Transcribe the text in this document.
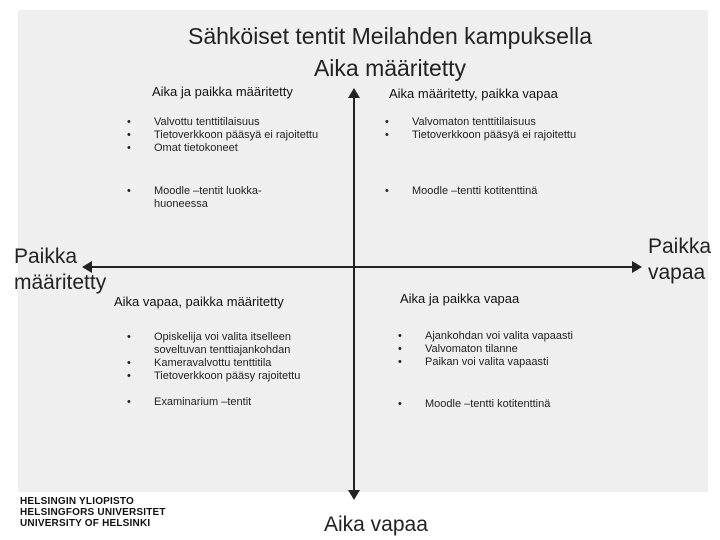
Sähköiset tentit Meilahden kampuksella
Aika määritetty
Paikka määritetty
Paikka vapaa
Aika vapaa
Aika ja paikka määritetty
• Valvottu tenttitilaisuus
• Tietoverkkoon pääsyä ei rajoitettu
• Omat tietokoneet
• Moodle –tentit luokka-huoneessa
Aika määritetty, paikka vapaa
• Valvomaton tenttitilaisuus
• Tietoverkkoon pääsyä ei rajoitettu
• Moodle –tentti kotitenttinä
Aika vapaa, paikka määritetty
• Opiskelija voi valita itselleen soveltuvan tenttiajankohdan
• Kameravalvottu tenttitila
• Tietoverkkoon pääsy rajoitettu
• Examinarium –tentit
Aika ja paikka vapaa
• Ajankohdan voi valita vapaasti
• Valvomaton tilanne
• Paikan voi valita vapaasti
• Moodle –tentti kotitenttinä
HELSINGIN YLIOPISTO
HELSINGFORS UNIVERSITET
UNIVERSITY OF HELSINKI
